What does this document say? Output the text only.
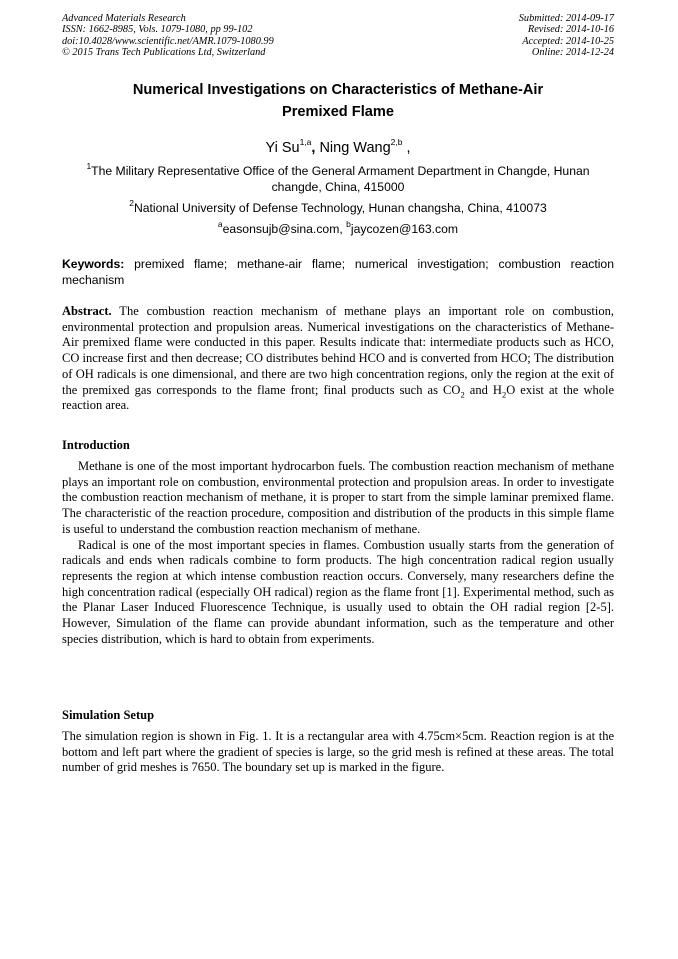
Advanced Materials Research
ISSN: 1662-8985, Vols. 1079-1080, pp 99-102
doi:10.4028/www.scientific.net/AMR.1079-1080.99
© 2015 Trans Tech Publications Ltd, Switzerland
Submitted: 2014-09-17
Revised: 2014-10-16
Accepted: 2014-10-25
Online: 2014-12-24
Numerical Investigations on Characteristics of Methane-Air
Premixed Flame
Yi Su$^{1,a}$, Ning Wang$^{2,b}$ ,
$^1$The Military Representative Office of the General Armament Department in Changde, Hunan changde, China, 415000
$^2$National University of Defense Technology, Hunan changsha, China, 410073
$^a$easonsujb@sina.com, $^b$jaycozen@163.com
Keywords: premixed flame; methane-air flame; numerical investigation; combustion reaction mechanism
Abstract. The combustion reaction mechanism of methane plays an important role on combustion, environmental protection and propulsion areas. Numerical investigations on the characteristics of Methane-Air premixed flame were conducted in this paper. Results indicate that: intermediate products such as HCO, CO increase first and then decrease; CO distributes behind HCO and is converted from HCO; The distribution of OH radicals is one dimensional, and there are two high concentration regions, only the region at the exit of the premixed gas corresponds to the flame front; final products such as $CO_2$ and $H_2O$ exist at the whole reaction area.
Introduction

Methane is one of the most important hydrocarbon fuels. The combustion reaction mechanism of methane plays an important role on combustion, environmental protection and propulsion areas. In order to investigate the combustion reaction mechanism of methane, it is proper to start from the simple laminar premixed flame. The characteristic of the reaction procedure, composition and distribution of the products in this simple flame is useful to understand the combustion reaction mechanism of methane.

Radical is one of the most important species in flames. Combustion usually starts from the generation of radicals and ends when radicals combine to form products. The high concentration radical region usually represents the region at which intense combustion reaction occurs. Conversely, many researchers define the high concentration radical (especially OH radical) region as the flame front [1]. Experimental method, such as the Planar Laser Induced Fluorescence Technique, is usually used to obtain the OH radial region [2-5]. However, Simulation of the flame can provide abundant information, such as the temperature and other species distribution, which is hard to obtain from experiments.

Simulation Setup

The simulation region is shown in Fig. 1. It is a rectangular area with 4.75cm×5cm. Reaction region is at the bottom and left part where the gradient of species is large, so the grid mesh is refined at these areas. The total number of grid meshes is 7650. The boundary set up is marked in the figure.
